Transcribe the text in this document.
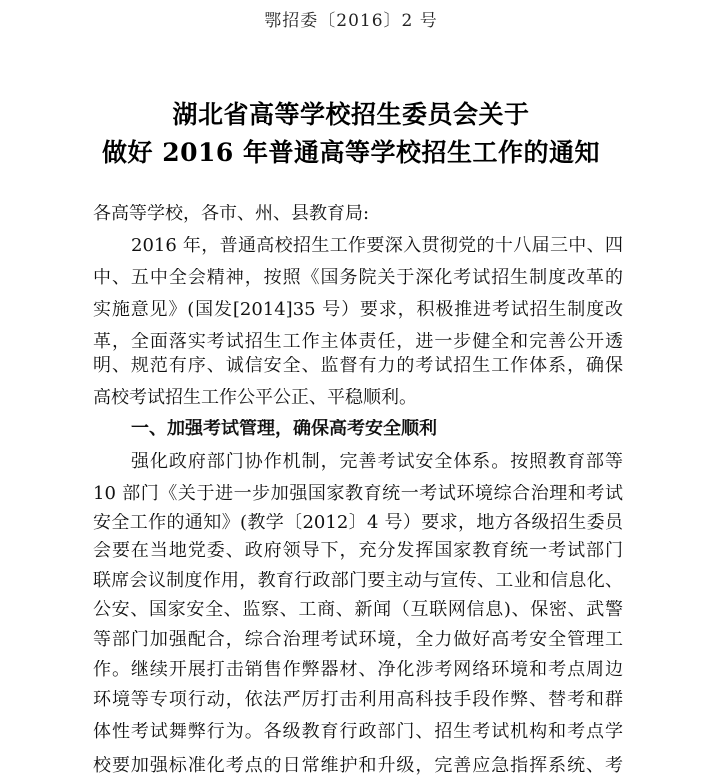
鄂招委〔2016〕2 号
湖北省高等学校招生委员会关于
做好 2016 年普通高等学校招生工作的通知
各高等学校，各市、州、县教育局:
2016 年，普通高校招生工作要深入贯彻党的十八届三中、四
中、五中全会精神，按照《国务院关于深化考试招生制度改革的
实施意见》(国发[2014]35 号）要求，积极推进考试招生制度改
革，全面落实考试招生工作主体责任，进一步健全和完善公开透
明、规范有序、诚信安全、监督有力的考试招生工作体系，确保
高校考试招生工作公平公正、平稳顺利。
一、加强考试管理，确保高考安全顺利
强化政府部门协作机制，完善考试安全体系。按照教育部等
10 部门《关于进一步加强国家教育统一考试环境综合治理和考试
安全工作的通知》(教学〔2012〕4 号）要求，地方各级招生委员
会要在当地党委、政府领导下，充分发挥国家教育统一考试部门
联席会议制度作用，教育行政部门要主动与宣传、工业和信息化、
公安、国家安全、监察、工商、新闻（互联网信息)、保密、武警
等部门加强配合，综合治理考试环境，全力做好高考安全管理工
作。继续开展打击销售作弊器材、净化涉考网络环境和考点周边
环境等专项行动，依法严厉打击利用高科技手段作弊、替考和群
体性考试舞弊行为。各级教育行政部门、招生考试机构和考点学
校要加强标准化考点的日常维护和升级，完善应急指挥系统、考
